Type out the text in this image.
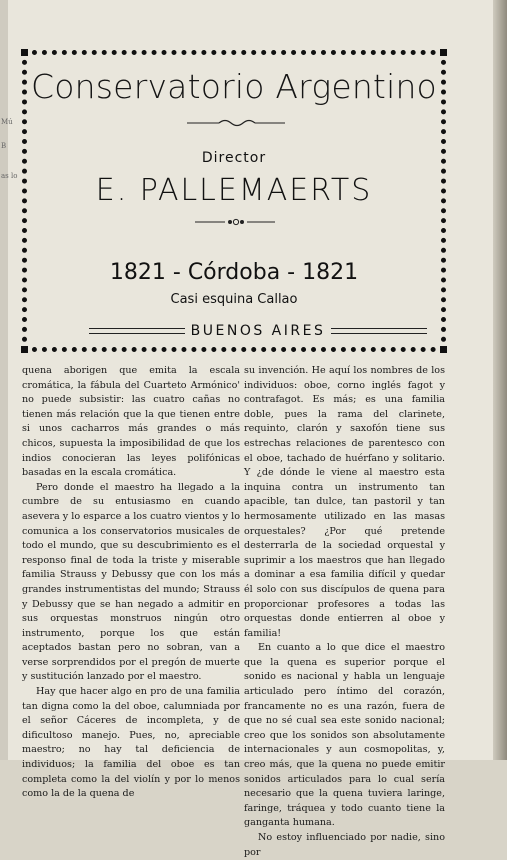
Mú
B
as lo
Conservatorio Argentino
Director
E. PALLEMAERTS
1821 - Córdoba - 1821
Casi esquina Callao
BUENOS AIRES

quena aborigen que emita la escala cromática, la fábula del Cuarteto Armónico' no puede subsistir: las cuatro cañas no tienen más relación que la que tienen entre si unos cacharros más grandes o más chicos, supuesta la imposibilidad de que los indios conocieran las leyes polifónicas basadas en la escala cromática.

Pero donde el maestro ha llegado a la cumbre de su entusiasmo en cuando asevera y lo esparce a los cuatro vientos y lo comunica a los conservatorios musicales de todo el mundo, que su descubrimiento es el responso final de toda la triste y miserable familia Strauss y Debussy que con los más grandes instrumentistas del mundo; Strauss y Debussy que se han negado a admitir en sus orquestas monstruos ningún otro instrumento, porque los que están aceptados bastan pero no sobran, van a verse sorprendidos por el pregón de muerte y sustitución lanzado por el maestro.

Hay que hacer algo en pro de una familia tan digna como la del oboe, calumniada por el señor Cáceres de incompleta, y de dificultoso manejo. Pues, no, apreciable maestro; no hay tal deficiencia de individuos; la familia del oboe es tan completa como la del violín y por lo menos como la de la quena de

su invención. He aquí los nombres de los individuos: oboe, corno inglés fagot y contrafagot. Es más; es una familia doble, pues la rama del clarinete, requinto, clarón y saxofón tiene sus estrechas relaciones de parentesco con el oboe, tachado de huérfano y solitario. Y ¿de dónde le viene al maestro esta inquina contra un instrumento tan apacible, tan dulce, tan pastoril y tan hermosamente utilizado en las masas orquestales? ¿Por qué pretende desterrarla de la sociedad orquestal y suprimir a los maestros que han llegado a dominar a esa familia difícil y quedar él solo con sus discípulos de quena para proporcionar profesores a todas las orquestas donde entierren al oboe y familia!

En cuanto a lo que dice el maestro que la quena es superior porque el sonido es nacional y habla un lenguaje articulado pero íntimo del corazón, francamente no es una razón, fuera de que no sé cual sea este sonido nacional; creo que los sonidos son absolutamente internacionales y aun cosmopolitas, y, creo más, que la quena no puede emitir sonidos articulados para lo cual sería necesario que la quena tuviera laringe, faringe, tráquea y todo cuanto tiene la ganganta humana.

No estoy influenciado por nadie, sino por
